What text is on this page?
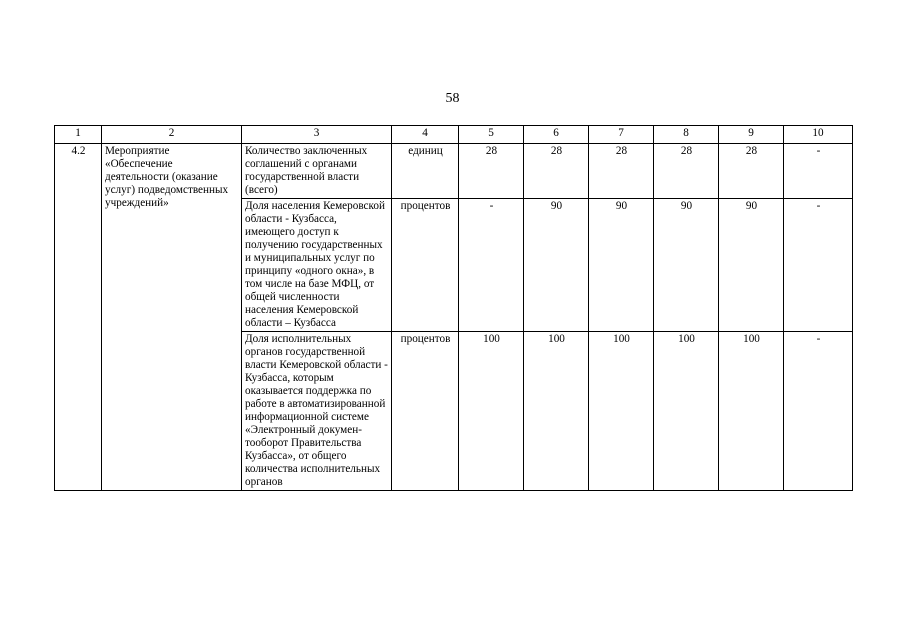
58
1	2	3	4	5	6	7	8	9	10
4.2	Мероприятие «Обеспечение деятельности (оказание услуг) подведомственных учреждений»	Количество заключенных соглашений с органами государственной власти (всего)	единиц	28	28	28	28	28	-
		Доля населения Кемеровской области - Кузбасса, имеющего доступ к получению государственных и муниципальных услуг по принципу «одного окна», в том числе на базе МФЦ, от общей численности населения Кемеровской области – Кузбасса	процентов	-	90	90	90	90	-
		Доля исполнительных органов государственной власти Кемеровской области - Кузбасса, которым оказывается поддержка по работе в автоматизированной информационной системе «Электронный докумен-тооборот Правительства Кузбасса», от общего количества исполнительных органов	процентов	100	100	100	100	100	-
